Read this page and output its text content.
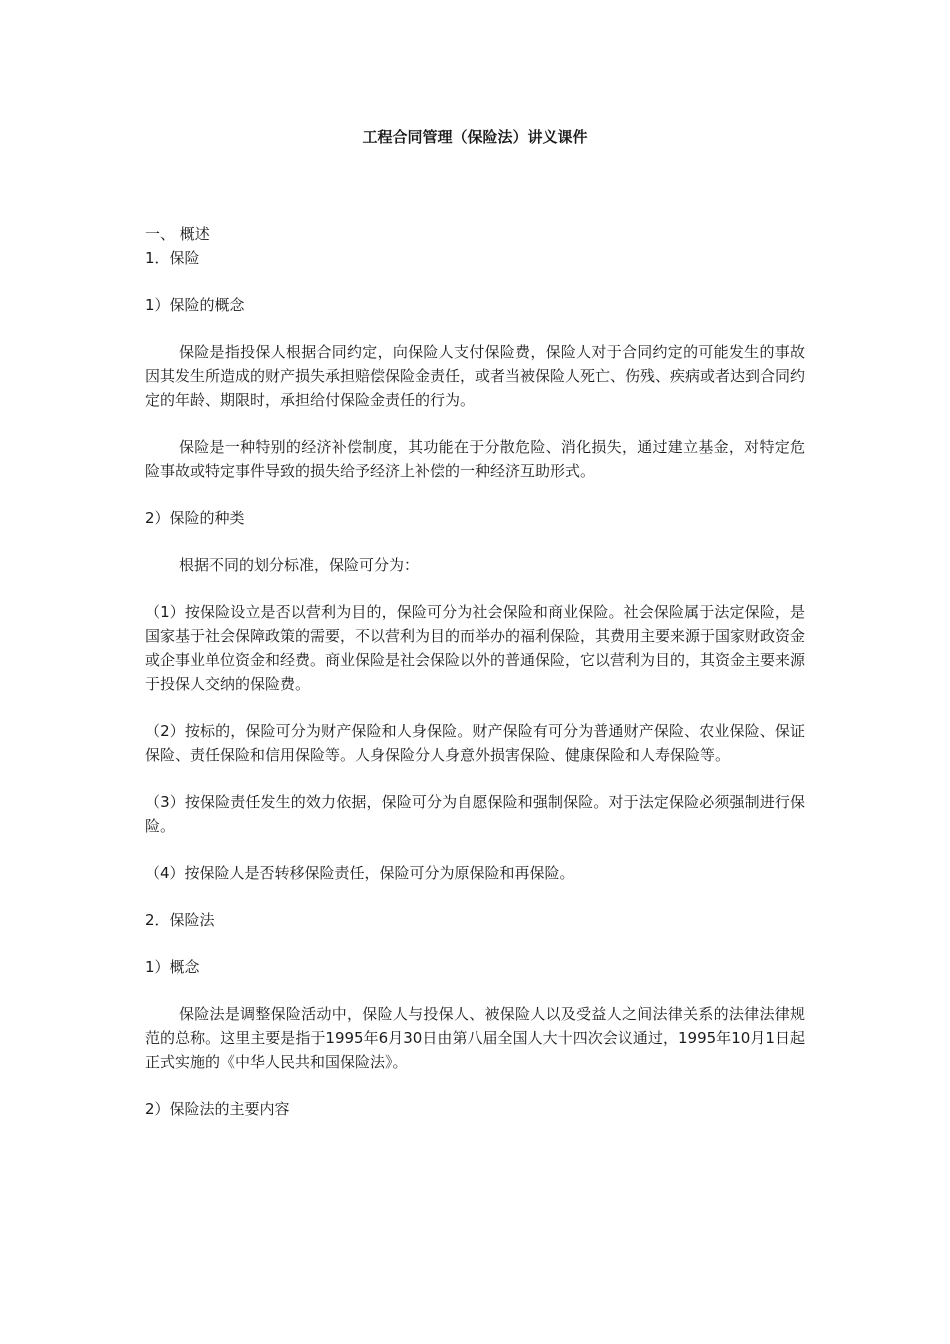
工程合同管理（保险法）讲义课件

一、 概述

1．保险

1）保险的概念

保险是指投保人根据合同约定，向保险人支付保险费，保险人对于合同约定的可能发生的事故因其发生所造成的财产损失承担赔偿保险金责任，或者当被保险人死亡、伤残、疾病或者达到合同约定的年龄、期限时，承担给付保险金责任的行为。

保险是一种特别的经济补偿制度，其功能在于分散危险、消化损失，通过建立基金，对特定危险事故或特定事件导致的损失给予经济上补偿的一种经济互助形式。

2）保险的种类

根据不同的划分标准，保险可分为：

（1）按保险设立是否以营利为目的，保险可分为社会保险和商业保险。社会保险属于法定保险，是国家基于社会保障政策的需要，不以营利为目的而举办的福利保险，其费用主要来源于国家财政资金或企事业单位资金和经费。商业保险是社会保险以外的普通保险，它以营利为目的，其资金主要来源于投保人交纳的保险费。

（2）按标的，保险可分为财产保险和人身保险。财产保险有可分为普通财产保险、农业保险、保证保险、责任保险和信用保险等。人身保险分人身意外损害保险、健康保险和人寿保险等。

（3）按保险责任发生的效力依据，保险可分为自愿保险和强制保险。对于法定保险必须强制进行保险。

（4）按保险人是否转移保险责任，保险可分为原保险和再保险。

2．保险法

1）概念

保险法是调整保险活动中，保险人与投保人、被保险人以及受益人之间法律关系的法律法律规范的总称。这里主要是指于1995年6月30日由第八届全国人大十四次会议通过，1995年10月1日起正式实施的《中华人民共和国保险法》。

2）保险法的主要内容
